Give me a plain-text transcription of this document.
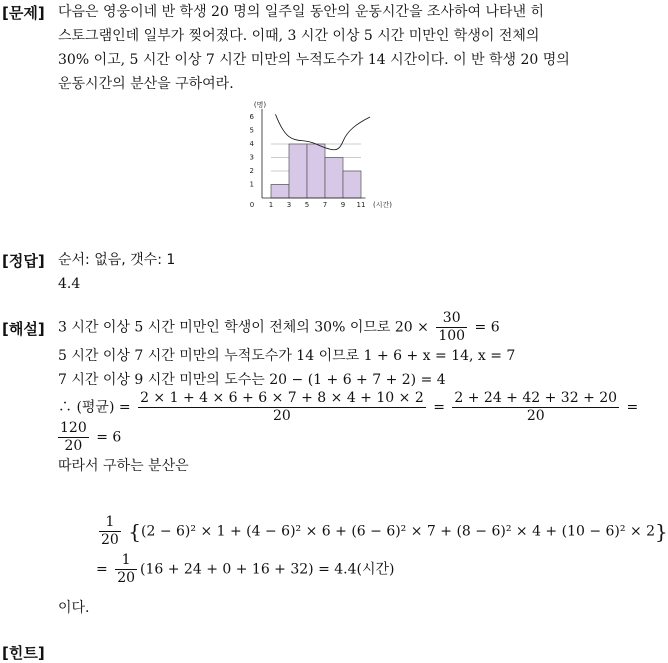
[문제] 다음은 영웅이네 반 학생 20 명의 일주일 동안의 운동시간을 조사하여 나타낸 히
스토그램인데 일부가 찢어졌다. 이때, 3 시간 이상 5 시간 미만인 학생이 전체의
30% 이고, 5 시간 이상 7 시간 미만의 누적도수가 14 시간이다. 이 반 학생 20 명의
운동시간의 분산을 구하여라.
1
2
3
4
5
6
0 1 3 5 7 9 11
(명)
(시간)
[정답] 순서: 없음, 갯수: 1
4.4
[해설] 3 시간 이상 5 시간 미만인 학생이 전체의 30% 이므로 $20 \times \frac{30}{100} = 6$
5 시간 이상 7 시간 미만의 누적도수가 14 이므로 1 + 6 + x = 14, x = 7
7 시간 이상 9 시간 미만의 도수는 20 − (1 + 6 + 7 + 2) = 4
∴ (평균) = $\frac{2 \times 1 + 4 \times 6 + 6 \times 7 + 8 \times 4 + 10 \times 2}{20} = \frac{2 + 24 + 42 + 32 + 20}{20}$ =
$\frac{120}{20} = 6$
따라서 구하는 분산은
$\frac{1}{20} \{(2 - 6)^2 \times 1 + (4 - 6)^2 \times 6 + (6 - 6)^2 \times 7 + (8 - 6)^2 \times 4 + (10 - 6)^2 \times 2\}$
= $\frac{1}{20} (16 + 24 + 0 + 16 + 32) = 4.4$(시간)
이다.
[힌트]
